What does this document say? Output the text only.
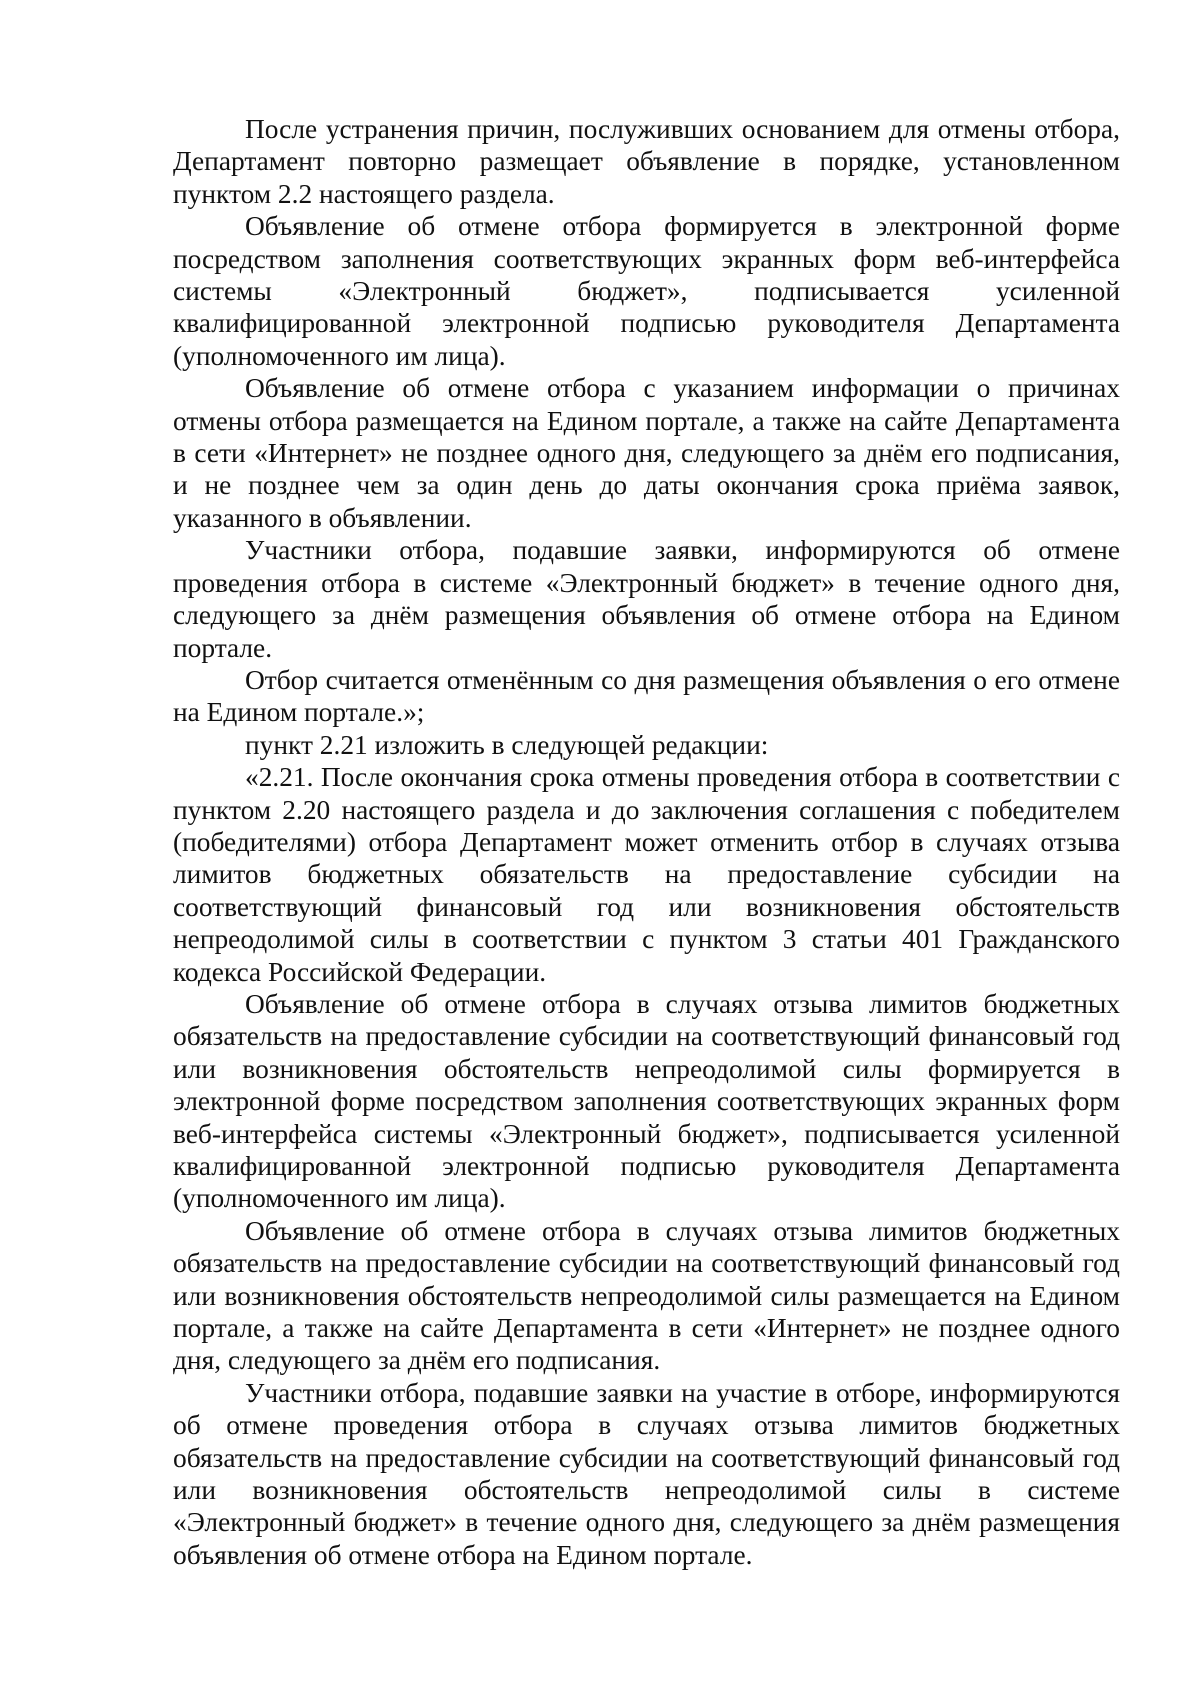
После устранения причин, послуживших основанием для отмены отбора, Департамент повторно размещает объявление в порядке, установленном пунктом 2.2 настоящего раздела.

Объявление об отмене отбора формируется в электронной форме посредством заполнения соответствующих экранных форм веб-интерфейса системы «Электронный бюджет», подписывается усиленной квалифицированной электронной подписью руководителя Департамента (уполномоченного им лица).

Объявление об отмене отбора с указанием информации о причинах отмены отбора размещается на Едином портале, а также на сайте Департамента в сети «Интернет» не позднее одного дня, следующего за днём его подписания, и не позднее чем за один день до даты окончания срока приёма заявок, указанного в объявлении.

Участники отбора, подавшие заявки, информируются об отмене проведения отбора в системе «Электронный бюджет» в течение одного дня, следующего за днём размещения объявления об отмене отбора на Едином портале.

Отбор считается отменённым со дня размещения объявления о его отмене на Едином портале.»;

пункт 2.21 изложить в следующей редакции:

«2.21. После окончания срока отмены проведения отбора в соответствии с пунктом 2.20 настоящего раздела и до заключения соглашения с победителем (победителями) отбора Департамент может отменить отбор в случаях отзыва лимитов бюджетных обязательств на предоставление субсидии на соответствующий финансовый год или возникновения обстоятельств непреодолимой силы в соответствии с пунктом 3 статьи 401 Гражданского кодекса Российской Федерации.

Объявление об отмене отбора в случаях отзыва лимитов бюджетных обязательств на предоставление субсидии на соответствующий финансовый год или возникновения обстоятельств непреодолимой силы формируется в электронной форме посредством заполнения соответствующих экранных форм веб-интерфейса системы «Электронный бюджет», подписывается усиленной квалифицированной электронной подписью руководителя Департамента (уполномоченного им лица).

Объявление об отмене отбора в случаях отзыва лимитов бюджетных обязательств на предоставление субсидии на соответствующий финансовый год или возникновения обстоятельств непреодолимой силы размещается на Едином портале, а также на сайте Департамента в сети «Интернет» не позднее одного дня, следующего за днём его подписания.

Участники отбора, подавшие заявки на участие в отборе, информируются об отмене проведения отбора в случаях отзыва лимитов бюджетных обязательств на предоставление субсидии на соответствующий финансовый год или возникновения обстоятельств непреодолимой силы в системе «Электронный бюджет» в течение одного дня, следующего за днём размещения объявления об отмене отбора на Едином портале.
